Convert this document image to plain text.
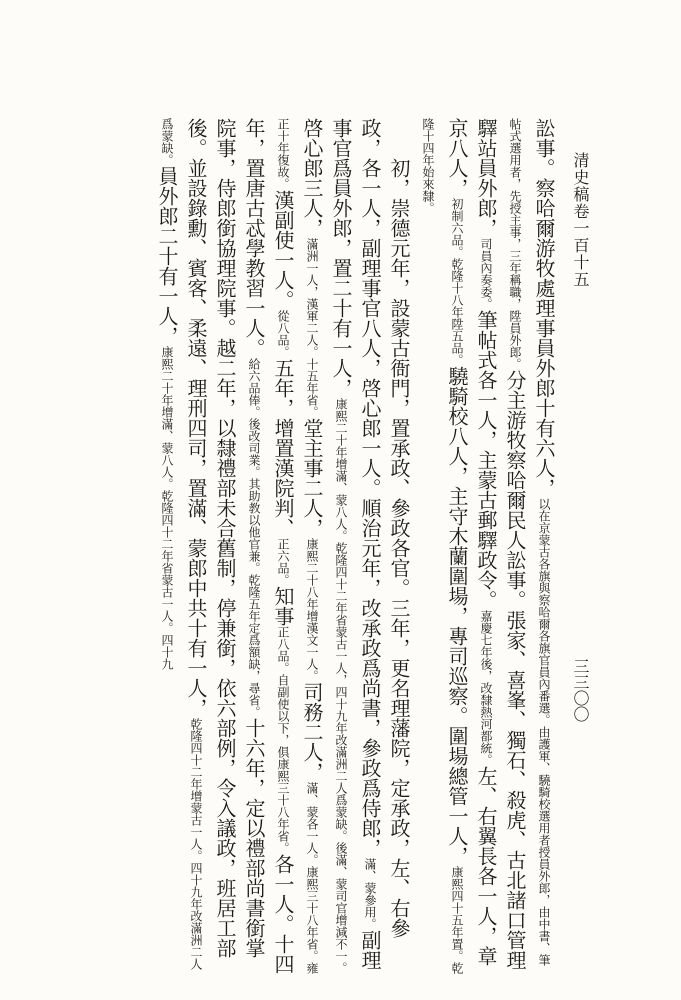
清史稿卷一百十五
三三〇〇
訟事。察哈爾游牧處理事員外郎十有六人，以在京蒙古各旗與察哈爾各旗官員內番選。由護軍、驍騎校選用者授員外郎，由中書、筆帖式選用者，先授主事，三年稱職，陞員外郎。分主游牧察哈爾民人訟事。張家、喜峯、獨石、殺虎、古北諸口管理驛站員外郎，司員內奏委。筆帖式各一人，主蒙古郵驛政令。嘉慶七年後，改隸熱河都統。左、右翼長各一人，章京八人，初制六品。乾隆十八年陞五品。驍騎校八人，主守木蘭圍場，專司巡察。圍場總管一人，康熙四十五年置。乾隆十四年始來隸。
　　初，崇德元年，設蒙古衙門，置承政、參政各官。三年，更名理藩院，定承政，左、右參政，各一人，副理事官八人，啓心郎一人。順治元年，改承政爲尚書，參政爲侍郎，滿、蒙參用。副理事官爲員外郎，置二十有一人，康熙二十年增滿、蒙八人。乾隆四十二年省蒙古一人，四十九年改滿洲二人爲蒙缺。後滿、蒙司官增減不一。啓心郎三人，滿洲一人，漢軍二人。十五年省。堂主事二人，康熙二十八年增漢文一人。司務二人，滿、蒙各一人。康熙三十八年省。雍正十年復故。漢副使一人。從八品。五年，增置漢院判、正六品。知事正八品。自副使以下，俱康熙三十八年省。各一人。十四年，置唐古忒學教習一人。給六品俸。後改司業。其助教以他官兼。乾隆五年定爲額缺，尋省。十六年，定以禮部尚書銜掌院事，侍郎銜協理院事。越二年，以隸禮部未合舊制，停兼銜，依六部例，令入議政，班居工部後。並設錄勳、賓客、柔遠、理刑四司，置滿、蒙郎中共十有一人，乾隆四十二年增蒙古一人。四十九年改滿洲二人爲蒙缺。員外郎二十有一人，康熙二十年增滿、蒙八人。乾隆四十二年省蒙古一人。四十九
